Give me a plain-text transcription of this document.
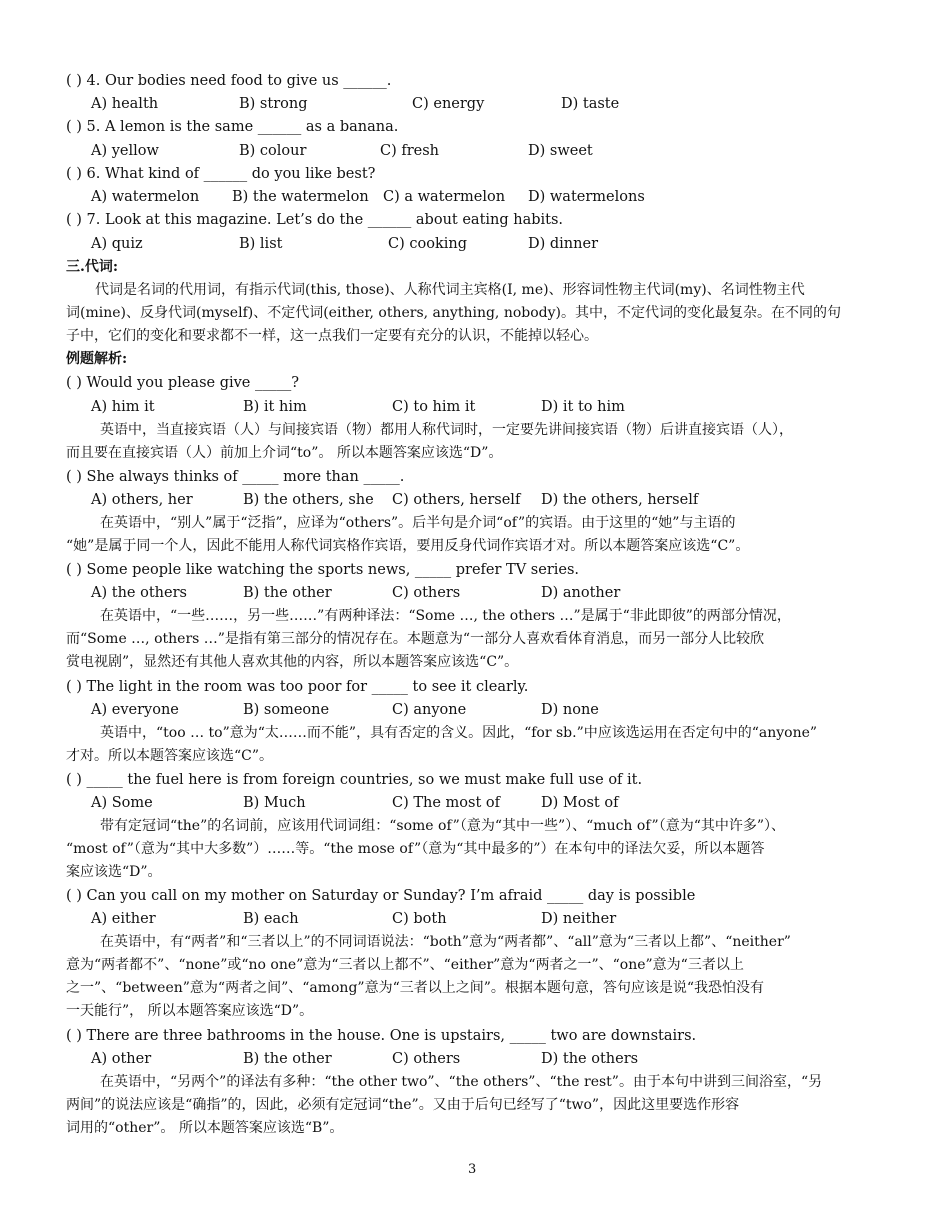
( ) 4. Our bodies need food to give us ______.
A) health	B) strong	C) energy	D) taste
( ) 5. A lemon is the same ______ as a banana.
A) yellow	B) colour	C) fresh	D) sweet
( ) 6. What kind of ______ do you like best?
A) watermelon B) the watermelon C) a watermelon D) watermelons
( ) 7. Look at this magazine. Let’s do the ______ about eating habits.
A) quiz	B) list	C) cooking	D) dinner
三.代词:
代词是名词的代用词，有指示代词(this, those)、人称代词主宾格(I, me)、形容词性物主代词(my)、名词性物主代
词(mine)、反身代词(myself)、不定代词(either, others, anything, nobody)。其中，不定代词的变化最复杂。在不同的句
子中，它们的变化和要求都不一样，这一点我们一定要有充分的认识，不能掉以轻心。
例题解析:
( ) Would you please give _____?
A) him it	B) it him	C) to him it	D) it to him
英语中，当直接宾语（人）与间接宾语（物）都用人称代词时，一定要先讲间接宾语（物）后讲直接宾语（人），
而且要在直接宾语（人）前加上介词“to”。 所以本题答案应该选“D”。
( ) She always thinks of _____ more than _____.
A) others, her	B) the others, she C) others, herself D) the others, herself
在英语中，“别人”属于“泛指”，应译为“others”。后半句是介词“of”的宾语。由于这里的“她”与主语的
“她”是属于同一个人，因此不能用人称代词宾格作宾语，要用反身代词作宾语才对。所以本题答案应该选“C”。
( ) Some people like watching the sports news, _____ prefer TV series.
A) the others	B) the other	C) others	D) another
在英语中，“一些……，另一些……”有两种译法：“Some …, the others …”是属于“非此即彼”的两部分情况，
而“Some …, others …”是指有第三部分的情况存在。本题意为“一部分人喜欢看体育消息，而另一部分人比较欣
赏电视剧”，显然还有其他人喜欢其他的内容，所以本题答案应该选“C”。
( ) The light in the room was too poor for _____ to see it clearly.
A) everyone	B) someone	C) anyone	D) none
英语中，“too … to”意为“太……而不能”，具有否定的含义。因此，“for sb.”中应该选运用在否定句中的“anyone”
才对。所以本题答案应该选“C”。
( ) _____ the fuel here is from foreign countries, so we must make full use of it.
A) Some	B) Much	C) The most of	D) Most of
带有定冠词“the”的名词前，应该用代词词组：“some of”（意为“其中一些”）、“much of”（意为“其中许多”）、
“most of”（意为“其中大多数”）……等。“the mose of”（意为“其中最多的”）在本句中的译法欠妥，所以本题答
案应该选“D”。
( ) Can you call on my mother on Saturday or Sunday? I’m afraid _____ day is possible
A) either	B) each	C) both	D) neither
在英语中，有“两者”和“三者以上”的不同词语说法：“both”意为“两者都”、“all”意为“三者以上都”、“neither”
意为“两者都不”、“none”或“no one”意为“三者以上都不”、“either”意为“两者之一”、“one”意为“三者以上
之一”、“between”意为“两者之间”、“among”意为“三者以上之间”。根据本题句意，答句应该是说“我恐怕没有
一天能行”， 所以本题答案应该选“D”。
( ) There are three bathrooms in the house. One is upstairs, _____ two are downstairs.
A) other	B) the other	C) others	D) the others
在英语中，“另两个”的译法有多种：“the other two”、“the others”、“the rest”。由于本句中讲到三间浴室，“另
两间”的说法应该是“确指”的，因此，必须有定冠词“the”。又由于后句已经写了“two”，因此这里要选作形容
词用的“other”。 所以本题答案应该选“B”。
3
